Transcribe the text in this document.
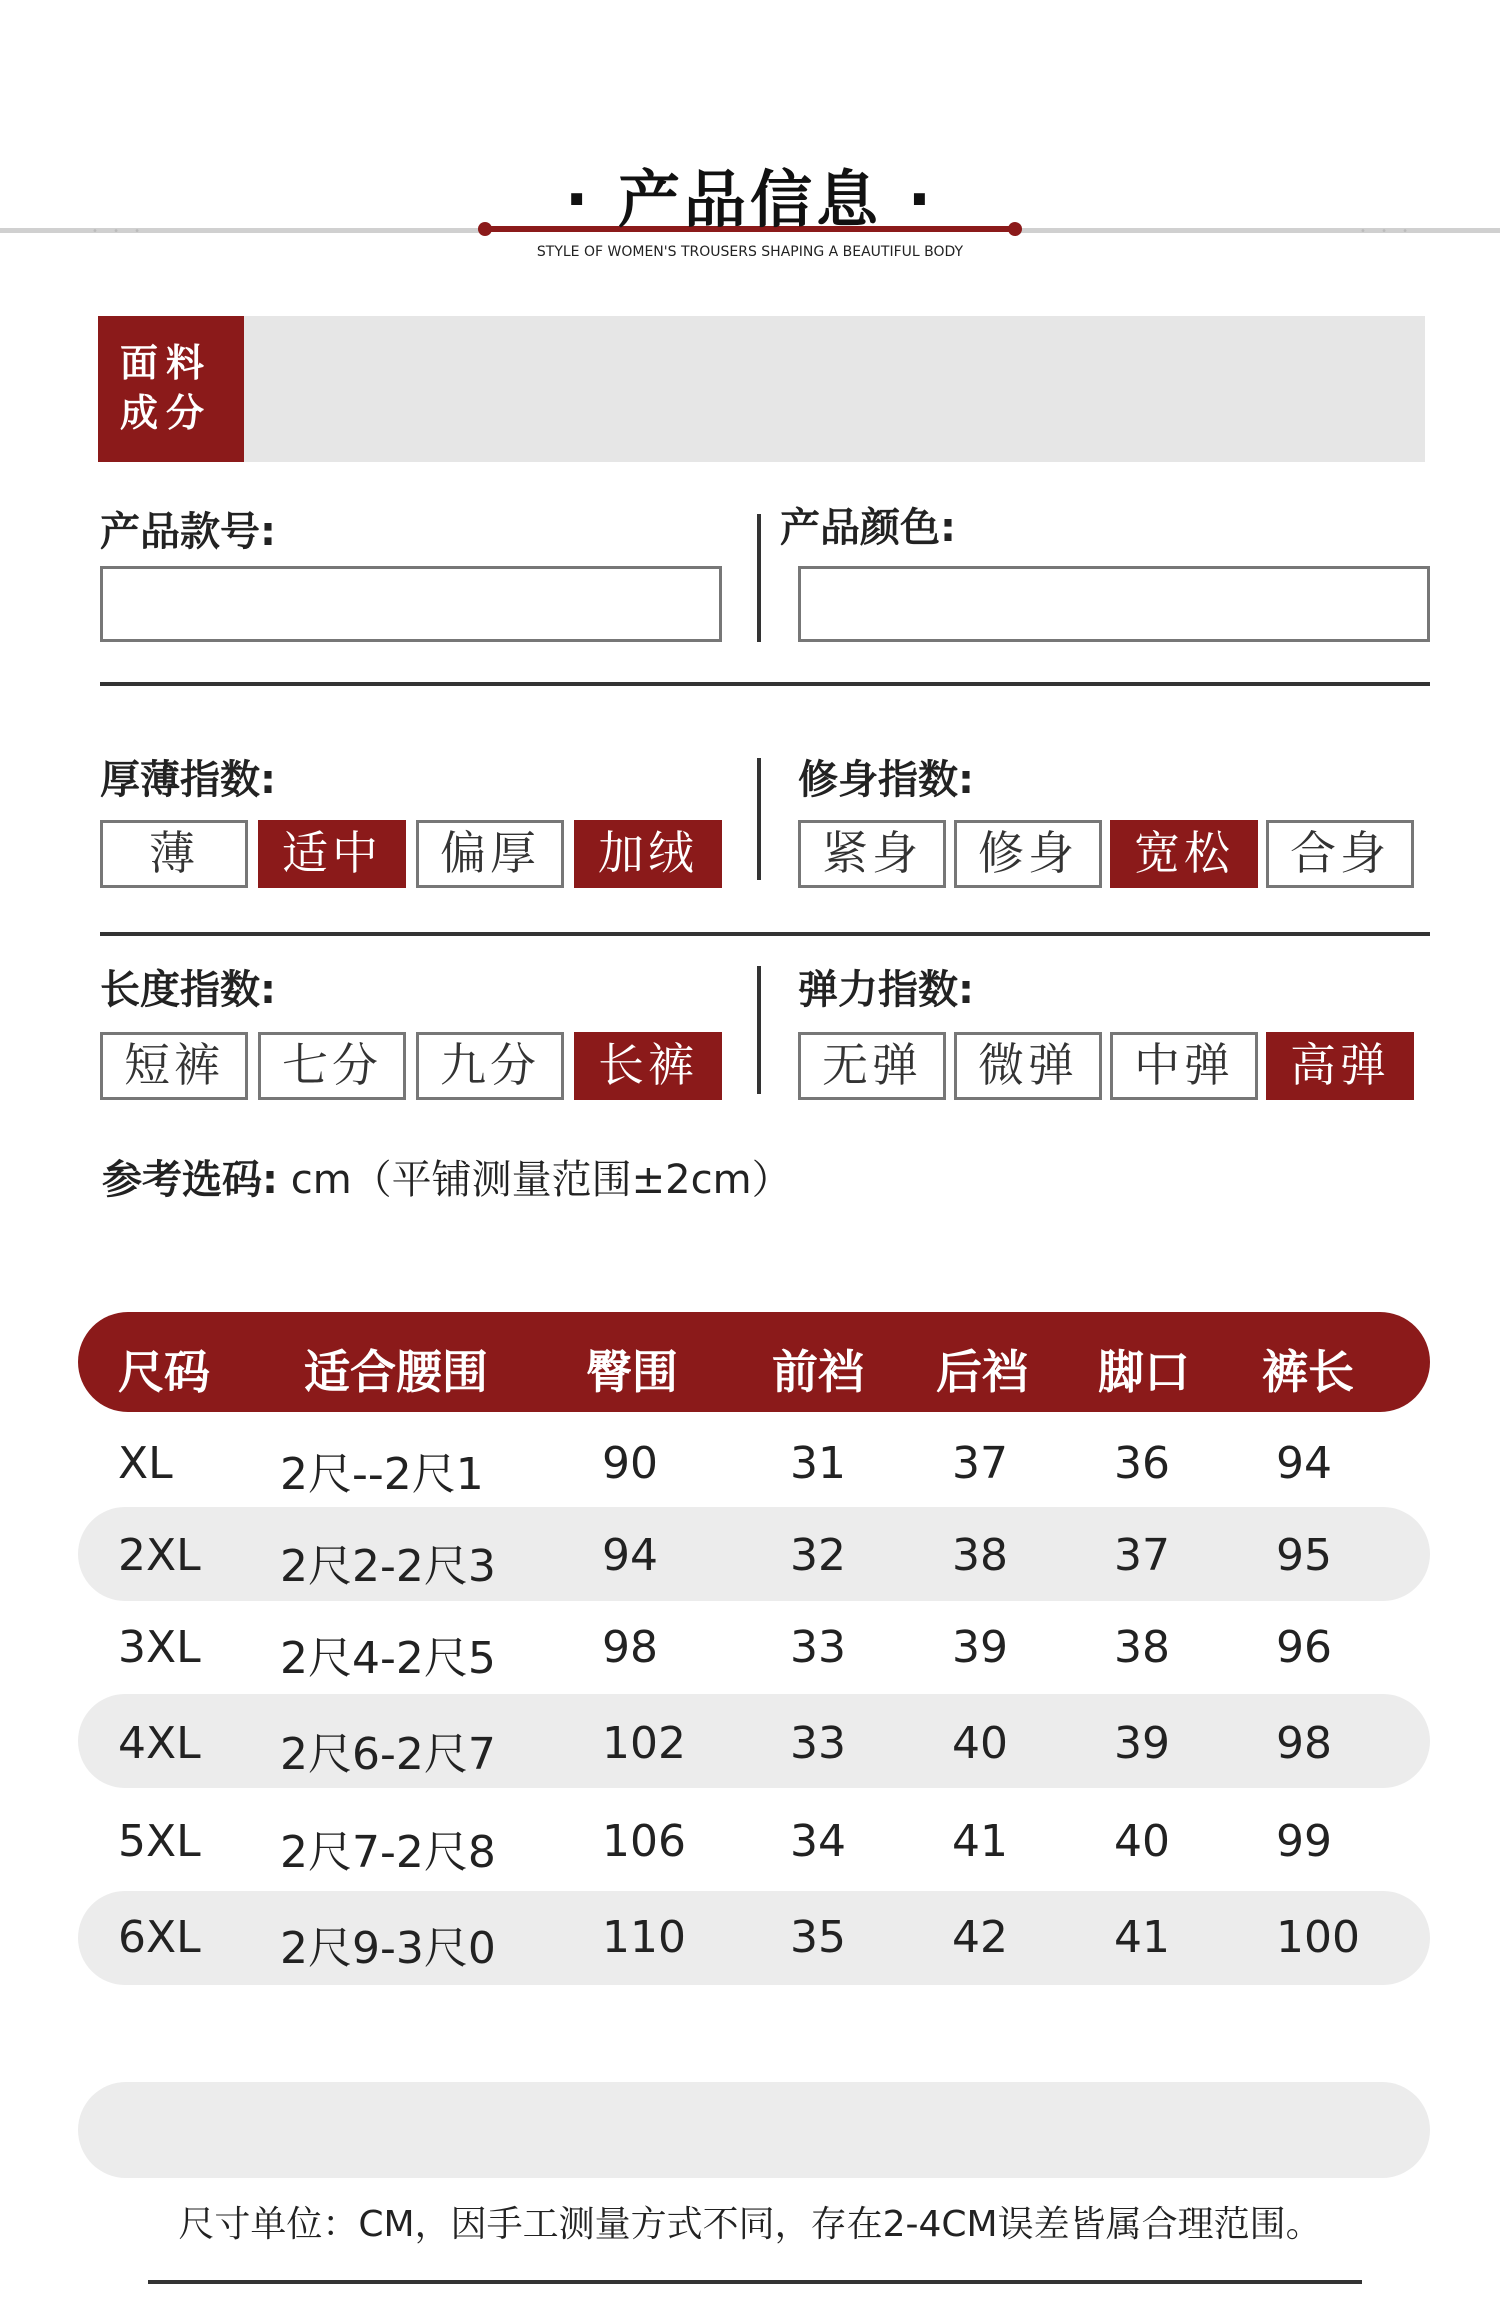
• • •	• • •
· 产品信息 ·
STYLE OF WOMEN'S TROUSERS SHAPING A BEAUTIFUL BODY
面料
成分
产品款号:	产品颜色:
厚薄指数:
薄	适中	偏厚	加绒
修身指数:
紧身	修身	宽松	合身
长度指数:
短裤	七分	九分	长裤
弹力指数:
无弹	微弹	中弹	高弹
参考选码: cm（平铺测量范围±2cm）
尺码 适合腰围 臀围 前裆 后裆 脚口 裤长
XL 2尺--2尺1	90	31 37 36 94
2XL 2尺2-2尺3 94	32 38 37 95
3XL 2尺4-2尺5 98	33 39 38 96
4XL 2尺6-2尺7 102 33 40 39 98
5XL 2尺7-2尺8 106 34 41 40 99
6XL 2尺9-3尺0 110 35 42 41 100
尺寸单位：CM，因手工测量方式不同，存在2-4CM误差皆属合理范围。
